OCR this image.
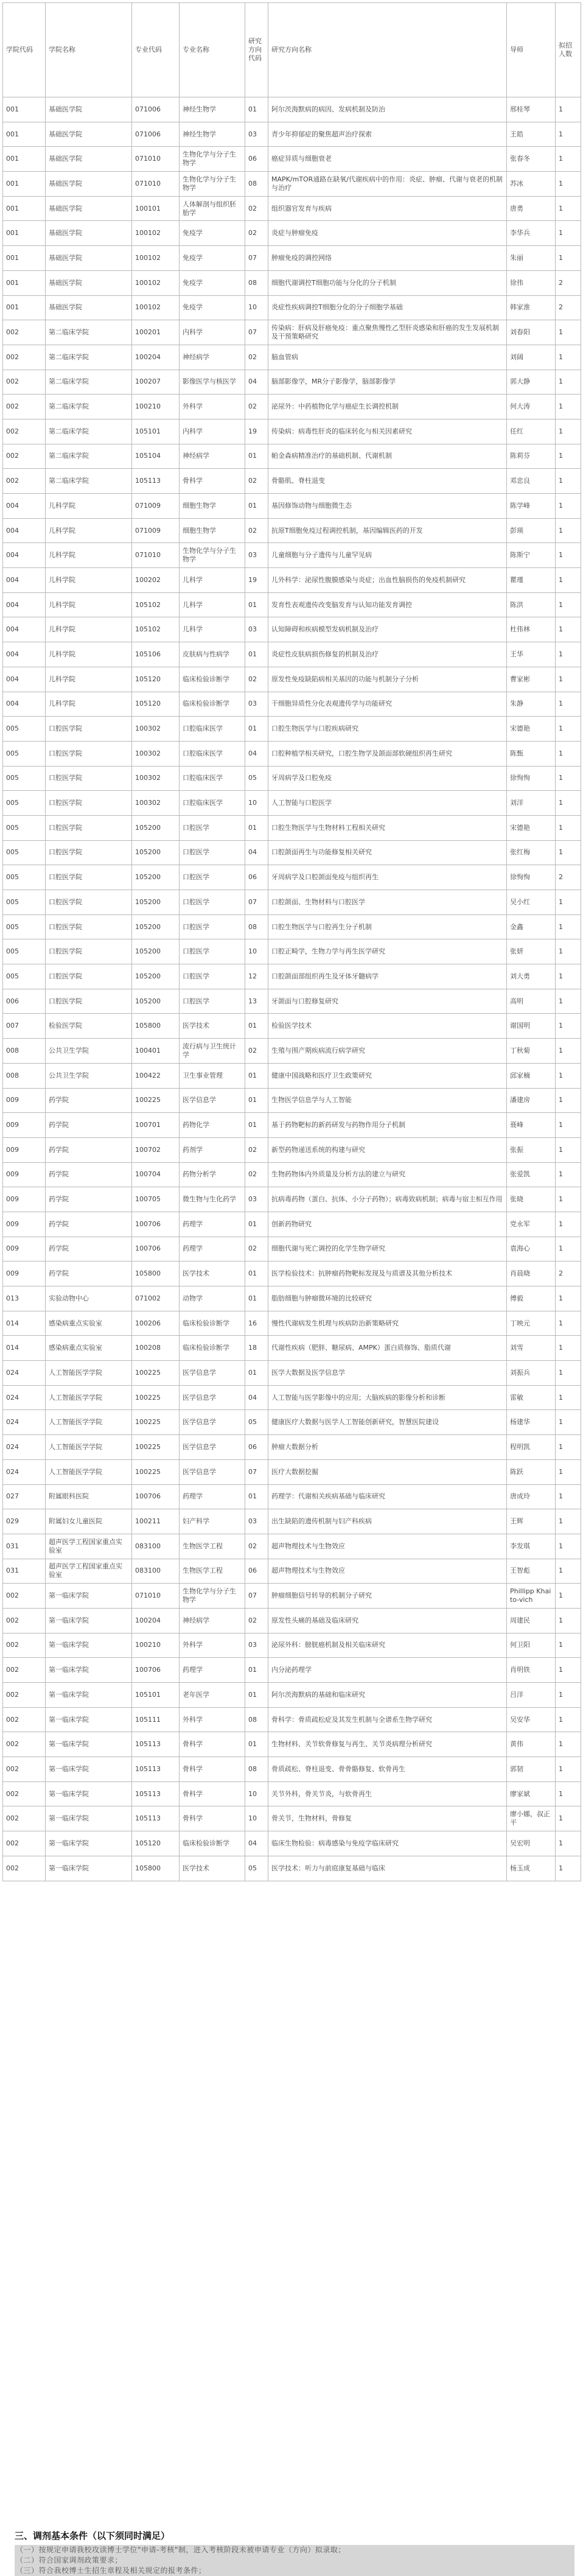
学院代码	学院名称	专业代码	专业名称	研究方向代码	研究方向名称	导师	拟招人数
001	基础医学院	071006	神经生物学	01	阿尔茨海默病的病因、发病机制及防治	邢桂琴	1
001	基础医学院	071006	神经生物学	03	青少年抑郁症的聚焦超声治疗探索	王皓	1
001	基础医学院	071010	生物化学与分子生物学	06	癌症异质与细胞衰老	张春冬	1
001	基础医学院	071010	生物化学与分子生物学	08	MAPK/mTOR通路在缺氧/代谢疾病中的作用：炎症、肿瘤、代谢与衰老的机制与治疗	苏冰	1
001	基础医学院	100101	人体解剖与组织胚胎学	02	组织器官发育与疾病	唐勇	1
001	基础医学院	100102	免疫学	02	炎症与肿瘤免疫	李华兵	1
001	基础医学院	100102	免疫学	07	肿瘤免疫的调控网络	朱丽	1
001	基础医学院	100102	免疫学	08	细胞代谢调控T细胞功能与分化的分子机制	徐伟	2
001	基础医学院	100102	免疫学	10	炎症性疾病调控T细胞分化的分子细胞学基础	韩家淮	2
002	第二临床学院	100201	内科学	07	传染病：肝病及肝癌免疫：重点聚焦慢性乙型肝炎感染和肝癌的发生发展机制及干预策略研究	刘春阳	1
002	第二临床学院	100204	神经病学	02	脑血管病	刘阔	1
002	第二临床学院	100207	影像医学与核医学	04	脑部影像学，MR分子影像学，脑部影像学	郭大静	1
002	第二临床学院	100210	外科学	02	泌尿外：中药植物化学与癌症生长调控机制	何大涛	1
002	第二临床学院	105101	内科学	19	传染病：病毒性肝炎的临床转化与相关因素研究	任红	1
002	第二临床学院	105104	神经病学	01	帕金森病精准治疗的基础机制、代谢机制	陈莉芬	1
002	第二临床学院	105113	骨科学	02	骨骼肌、脊柱退变	邓忠良	1
004	儿科学院	071009	细胞生物学	01	基因修饰动物与细胞微生态	陈学峰	1
004	儿科学院	071009	细胞生物学	02	抗原T细胞免疫过程调控机制，基因编辑医药的开发	彭瑛	1
004	儿科学院	071010	生物化学与分子生物学	03	儿童细胞与分子遗传与儿童罕见病	陈斯宁	1
004	儿科学院	100202	儿科学	19	儿外科学：泌尿性腹膜感染与炎症；出血性脑损伤的免疫机制研究	瞿瑾	1
004	儿科学院	105102	儿科学	01	发育性表观遗传改变脑发育与认知功能发育调控	陈洪	1
004	儿科学院	105102	儿科学	03	认知障碍和疾病模型发病机制及治疗	杜伟林	1
004	儿科学院	105106	皮肤病与性病学	01	炎症性皮肤病损伤修复的机制及治疗	王华	1
004	儿科学院	105120	临床检验诊断学	02	原发性免疫缺陷病相关基因的功能与机制分子分析	曹家彬	1
004	儿科学院	105120	临床检验诊断学	03	干细胞异质性分化表观遗传学与功能研究	朱静	1
005	口腔医学院	100302	口腔临床医学	01	口腔生物医学与口腔疾病研究	宋德艳	1
005	口腔医学院	100302	口腔临床医学	04	口腔种植学相关研究，口腔生物学及颌面部软硬组织再生研究	陈甄	1
005	口腔医学院	100302	口腔临床医学	05	牙周病学及口腔免疫	徐恂恂	1
005	口腔医学院	100302	口腔临床医学	10	人工智能与口腔医学	刘洋	1
005	口腔医学院	105200	口腔医学	01	口腔生物医学与生物材料工程相关研究	宋德艳	1
005	口腔医学院	105200	口腔医学	04	口腔颌面再生与功能修复相关研究	张红梅	1
005	口腔医学院	105200	口腔医学	06	牙周病学及口腔颌面免疫与组织再生	徐恂恂	2
005	口腔医学院	105200	口腔医学	07	口腔颌面、生物材料与口腔医学	吴小红	1
005	口腔医学院	105200	口腔医学	08	口腔生物医学与口腔再生分子机制	金鑫	1
005	口腔医学院	105200	口腔医学	10	口腔正畸学，生物力学与再生医学研究	张妍	1
005	口腔医学院	105200	口腔医学	12	口腔颌面部组织再生及牙体牙髓病学	刘大勇	1
006	口腔医学院	105200	口腔医学	13	牙颌面与口腔修复研究	高明	1
007	检验医学院	105800	医学技术	01	检验医学技术	谢国明	1
008	公共卫生学院	100401	流行病与卫生统计学	02	生殖与围产期疾病流行病学研究	丁秋菊	1
008	公共卫生学院	100422	卫生事业管理	01	健康中国战略和医疗卫生政策研究	邱家楠	1
009	药学院	100225	医学信息学	01	生物医学信息学与人工智能	潘建房	1
009	药学院	100701	药物化学	01	基于药物靶标的新药研发与药物作用分子机制	聂峰	1
009	药学院	100702	药剂学	02	新型药物递送系统的构建与研究	张振	1
009	药学院	100704	药物分析学	02	生物药物体内外质量及分析方法的建立与研究	张爱凯	1
009	药学院	100705	微生物与生化药学	03	抗病毒药物（蛋白、抗体、小分子药物）；病毒致病机制；病毒与宿主相互作用	张晓	1
009	药学院	100706	药理学	01	创新药物研究	党永军	1
009	药学院	100706	药理学	02	细胞代谢与死亡调控的化学生物学研究	袁海心	1
009	药学院	105800	医学技术	01	医学检验技术：抗肿瘤药物靶标发现及与质谱及其他分析技术	肖晨晓	2
013	实验动物中心	071002	动物学	01	脂肪细胞与肿瘤微环境的比较研究	傅毅	1
014	感染病重点实验室	100206	临床检验诊断学	16	慢性代谢病发生机理与疾病防治新策略研究	丁映元	1
014	感染病重点实验室	100208	临床检验诊断学	18	代谢性疾病（肥胖、糖尿病、AMPK）蛋白质修饰、脂质代谢	刘雪	1
024	人工智能医学学院	100225	医学信息学	01	医学大数据及医学信息学	刘振兵	1
024	人工智能医学学院	100225	医学信息学	04	人工智能与医学影像中的应用；大脑疾病的影像分析和诊断	雷敏	1
024	人工智能医学学院	100225	医学信息学	05	健康医疗大数据与医学人工智能创新研究，智慧医院建设	杨建华	1
024	人工智能医学学院	100225	医学信息学	06	肿瘤大数据分析	程明凯	1
024	人工智能医学学院	100225	医学信息学	07	医疗大数据挖掘	陈跃	1
027	附属眼科医院	100706	药理学	01	药理学：代谢相关疾病基础与临床研究	唐成玲	1
029	附属妇女儿童医院	100211	妇产科学	03	出生缺陷的遗传机制与妇产科疾病	王辉	1
031	超声医学工程国家重点实验室	083100	生物医学工程	02	超声物理技术与生物效应	李发琪	1
031	超声医学工程国家重点实验室	083100	生物医学工程	06	超声物理技术与生物效应	王智彪	1
002	第一临床学院	071010	生物化学与分子生物学	07	肿瘤细胞信号转导的机制分子研究	Phillipp Khaito-vich	1
002	第一临床学院	100204	神经病学	02	原发性头痛的基础及临床研究	周建民	1
002	第一临床学院	100210	外科学	03	泌尿外科：膀胱癌机制及相关临床研究	何卫阳	1
002	第一临床学院	100706	药理学	01	内分泌药理学	肖明铁	1
002	第一临床学院	105101	老年医学	01	阿尔茨海默病的基础和临床研究	吕洋	1
002	第一临床学院	105111	外科学	08	骨科学：骨质疏松症及其发生机制与全谱系生物学研究	吴安华	1
002	第一临床学院	105113	骨科学	01	生物材料、关节软骨修复与再生、关节炎病理分析研究	黄伟	1
002	第一临床学院	105113	骨科学	08	骨质疏松、脊柱退变、骨骨骼修复、软骨再生	郭韧	1
002	第一临床学院	105113	骨科学	10	关节外科，骨关节炎，与软骨再生	廖家斌	1
002	第一临床学院	105113	骨科学	10	骨关节，生物材料，骨修复	廖小娜，叔正平	1
002	第一临床学院	105120	临床检验诊断学	04	临床生物检验：病毒感染与免疫学临床研究	吴宏明	1
002	第一临床学院	105800	医学技术	05	医学技术：听力与前庭康复基础与临床	杨玉成	1
三、调剂基本条件（以下须同时满足）
（一）按规定申请我校攻读博士学位"申请-考核"制，进入考核阶段未被申请专业（方向）拟录取；
（二）符合国家调剂政策要求；
（三）符合我校博士生招生章程及相关规定的报考条件；
